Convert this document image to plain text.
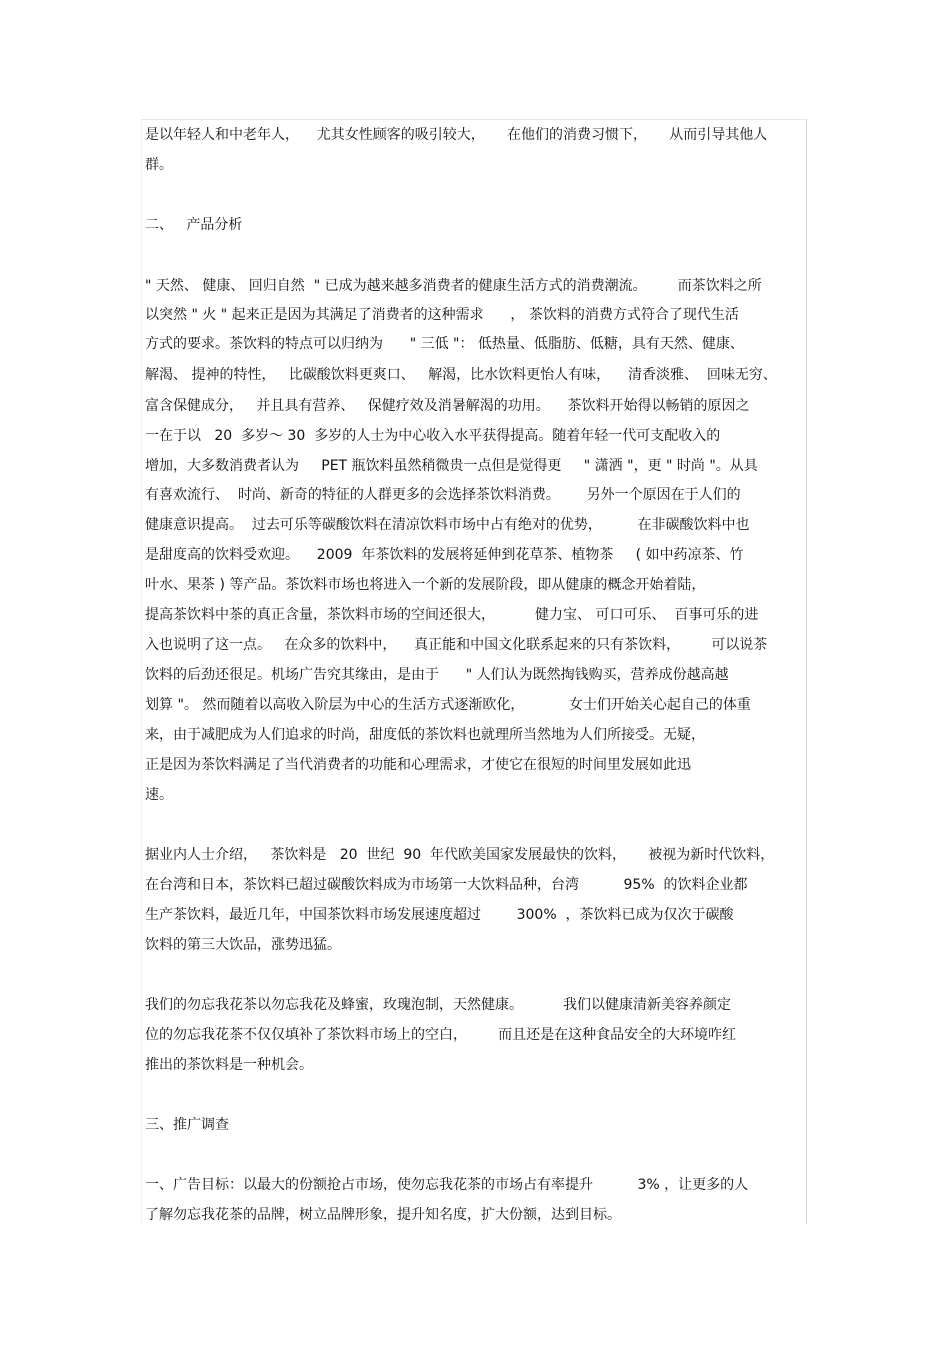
是以年轻人和中老年人，    尤其女性顾客的吸引较大，     在他们的消费习惯下，     从而引导其他人
群。
二、   产品分析
" 天然、 健康、 回归自然  " 已成为越来越多消费者的健康生活方式的消费潮流。       而茶饮料之所
以突然 " 火 " 起来正是因为其满足了消费者的这种需求      ， 茶饮料的消费方式符合了现代生活
方式的要求。茶饮料的特点可以归纳为      " 三低 "： 低热量、低脂肪、低糖，具有天然、健康、
解渴、 提神的特性，   比碳酸饮料更爽口、   解渴，比水饮料更怡人有味，    清香淡雅、  回味无穷、
富含保健成分，   并且具有营养、   保健疗效及消暑解渴的功用。    茶饮料开始得以畅销的原因之
一在于以   20  多岁～ 30  多岁的人士为中心收入水平获得提高。随着年轻一代可支配收入的
增加，大多数消费者认为     PET 瓶饮料虽然稍微贵一点但是觉得更     " 潇洒 "，更 " 时尚 "。从具
有喜欢流行、  时尚、新奇的特征的人群更多的会选择茶饮料消费。      另外一个原因在于人们的
健康意识提高。  过去可乐等碳酸饮料在清凉饮料市场中占有绝对的优势，        在非碳酸饮料中也
是甜度高的饮料受欢迎。    2009  年茶饮料的发展将延伸到花草茶、植物茶     ( 如中药凉茶、竹
叶水、果茶 ) 等产品。茶饮料市场也将进入一个新的发展阶段，即从健康的概念开始着陆，
提高茶饮料中茶的真正含量，茶饮料市场的空间还很大，         健力宝、 可口可乐、  百事可乐的进
入也说明了这一点。   在众多的饮料中，    真正能和中国文化联系起来的只有茶饮料，       可以说茶
饮料的后劲还很足。机场广告究其缘由，是由于      " 人们认为既然掏钱购买，营养成份越高越
划算 "。 然而随着以高收入阶层为中心的生活方式逐渐欧化，          女士们开始关心起自己的体重
来，由于减肥成为人们追求的时尚，甜度低的茶饮料也就理所当然地为人们所接受。无疑，
正是因为茶饮料满足了当代消费者的功能和心理需求，才使它在很短的时间里发展如此迅
速。
据业内人士介绍，   茶饮料是   20  世纪  90  年代欧美国家发展最快的饮料，     被视为新时代饮料，
在台湾和日本，茶饮料已超过碳酸饮料成为市场第一大饮料品种，台湾          95%  的饮料企业都
生产茶饮料，最近几年，中国茶饮料市场发展速度超过        300%  ，茶饮料已成为仅次于碳酸
饮料的第三大饮品，涨势迅猛。
我们的勿忘我花茶以勿忘我花及蜂蜜，玫瑰泡制，天然健康。         我们以健康清新美容养颜定
位的勿忘我花茶不仅仅填补了茶饮料市场上的空白，       而且还是在这种食品安全的大环境咋红
推出的茶饮料是一种机会。
三、推广调查
一、广告目标：以最大的份额抢占市场，使勿忘我花茶的市场占有率提升          3% ，让更多的人
了解勿忘我花茶的品牌，树立品牌形象，提升知名度，扩大份额，达到目标。
